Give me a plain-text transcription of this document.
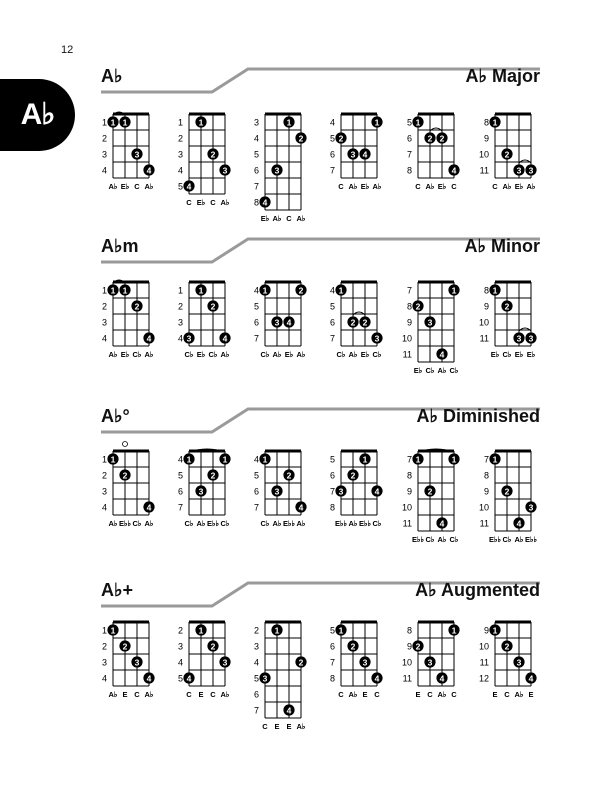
12
A♭
A♭	A♭ Major
1
2
3
4
1 1
3
4
A♭ E♭ C A♭
1
2
3
4
5 4
1
2
3
C E♭ C A♭
3
4
5
6
7
8 4
3
1
2
E♭ A♭ C A♭
4
5
6
7
2
3 4
1
C A♭ E♭ A♭
5
6
7
8
1
2 2
4
C A♭ E♭ C
8
9
10
11
1
2
3 3
C A♭ E♭ A♭
A♭m	A♭ Minor
1
2
3
4
1 1
2
4
A♭ E♭ C♭ A♭
1
2
3
4 3
1
2
4
C♭ E♭ C♭ A♭
4
5
6
7
1
3 4
2
C♭ A♭ E♭ A♭
4
5
6
7
1
2 2
3
C♭ A♭ E♭ C♭
7
8
9
10
11
2
3
4
1
E♭ C♭ A♭ C♭
8
9
10
11
1
2
3 3
E♭ C♭ E♭ E♭
A♭°	A♭ Diminished
1
2
3
4
1
2
4
A♭ E♭♭ C♭ A♭
4
5
6
7
1
3
2
1
C♭ A♭ E♭♭ C♭
4
5
6
7
1
3
2
4
C♭ A♭ E♭♭ A♭
5
6
7
8
3
2
1
4
E♭♭ A♭ E♭♭ C♭
7
8
9
10
11
1
2
4
1
E♭♭ C♭ A♭ C♭
7
8
9
10
11
1
2
4
3
E♭♭ C♭ A♭ E♭♭
A♭+	A♭ Augmented
1
2
3
4
1
2
3
4
A♭ E C A♭
2
3
4
5 4
1
2
3
C E C A♭
2
3
4
5
6
7
3
1
4
2
C E E A♭
5
6
7
8
1
2
3
4
C A♭ E C
8
9
10
11
2
3
4
1
E C A♭ C
9
10
11
12
1
2
3
4
E C A♭ E
